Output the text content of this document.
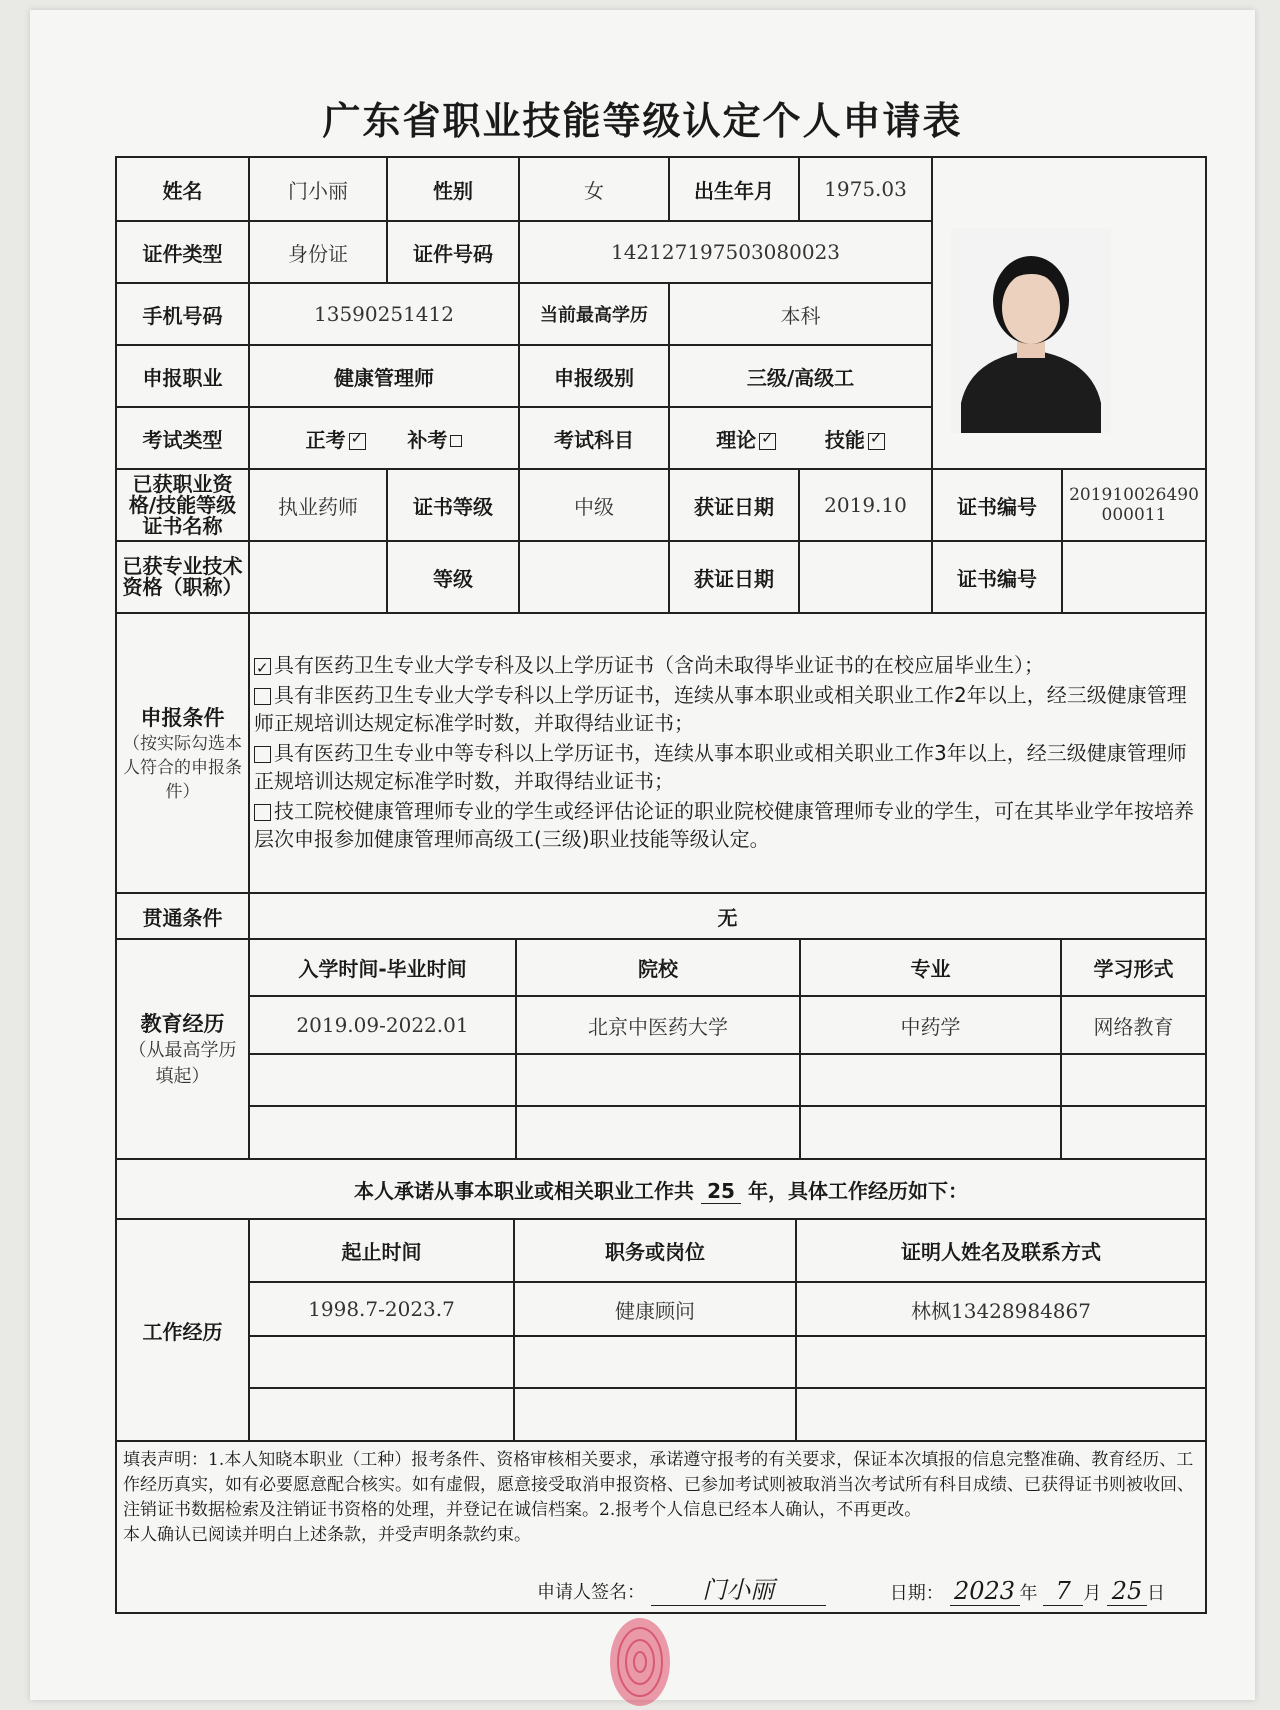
广东省职业技能等级认定个人申请表
姓名	门小丽	性别	女	出生年月	1975.03	

证件类型	身份证	证件号码	142127197503080023
手机号码	13590251412	当前最高学历	本科
申报职业	健康管理师	申报级别	三级/高级工
考试类型	正考 ✓	补考	考试科目	理论 ✓	技能✓
已获职业资格/技能等级证书名称	执业药师	证书等级	中级	获证日期	2019.10	证书编号	201910026490000011
已获专业技术资格（职称）		等级		获证日期		证书编号	

申报条件
（按实际勾选本人符合的申报条件）

✓具有医药卫生专业大学专科及以上学历证书（含尚未取得毕业证书的在校应届毕业生）；
具有非医药卫生专业大学专科以上学历证书，连续从事本职业或相关职业工作2年以上，经三级健康管理师正规培训达规定标准学时数，并取得结业证书；
具有医药卫生专业中等专科以上学历证书，连续从事本职业或相关职业工作3年以上，经三级健康管理师正规培训达规定标准学时数，并取得结业证书；
技工院校健康管理师专业的学生或经评估论证的职业院校健康管理师专业的学生，可在其毕业学年按培养层次申报参加健康管理师高级工(三级)职业技能等级认定。

贯通条件	无

教育经历
（从最高学历填起）

入学时间-毕业时间	院校	专业	学习形式
2019.09-2022.01	北京中医药大学	中药学	网络教育

本人承诺从事本职业或相关职业工作共 25 年，具体工作经历如下：
工作经历	
起止时间	职务或岗位	证明人姓名及联系方式
1998.7-2023.7	健康顾问	林枫13428984867

填表声明：1.本人知晓本职业（工种）报考条件、资格审核相关要求，承诺遵守报考的有关要求，保证本次填报的信息完整准确、教育经历、工作经历真实，如有必要愿意配合核实。如有虚假，愿意接受取消申报资格、已参加考试则被取消当次考试所有科目成绩、已获得证书则被收回、注销证书数据检索及注销证书资格的处理，并登记在诚信档案。2.报考个人信息已经本人确认，不再更改。
本人确认已阅读并明白上述条款，并受声明条款约束。
申请人签名： 门小丽	日期： 2023 年 7 月 25 日
